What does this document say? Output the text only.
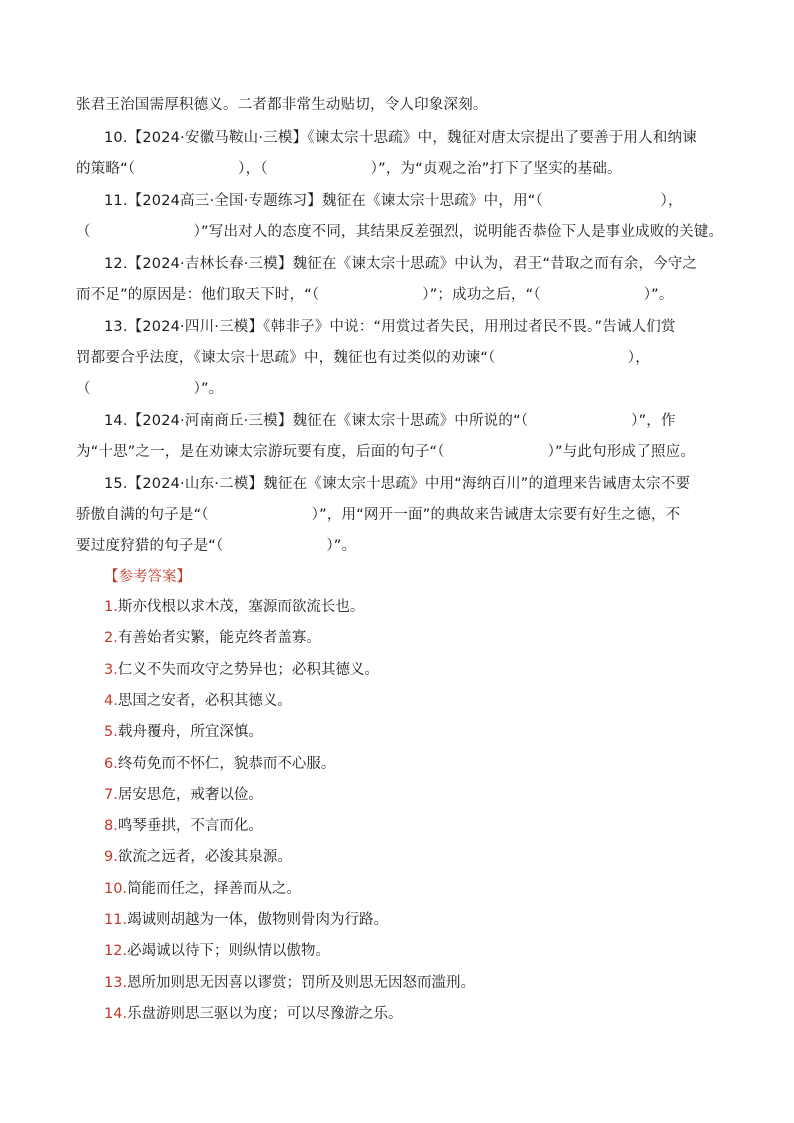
张君王治国需厚积德义。二者都非常生动贴切，令人印象深刻。
10.【2024·安徽马鞍山·三模】《谏太宗十思疏》中，魏征对唐太宗提出了要善于用人和纳谏
的策略“（　　　　　　　），（　　　　　　　）”，为“贞观之治”打下了坚实的基础。
11.【2024高三·全国·专题练习】魏征在《谏太宗十思疏》中，用“（　　　　　　　　），
（　　　　　　　）”写出对人的态度不同，其结果反差强烈，说明能否恭俭下人是事业成败的关键。
12.【2024·吉林长春·三模】魏征在《谏太宗十思疏》中认为，君王“昔取之而有余，今守之
而不足”的原因是：他们取天下时，“（　　　　　　　）”；成功之后，“（　　　　　　　）”。
13.【2024·四川·三模】《韩非子》中说：“用赏过者失民，用刑过者民不畏。”告诫人们赏
罚都要合乎法度，《谏太宗十思疏》中，魏征也有过类似的劝谏“（　　　　　　　　　），
（　　　　　　　）”。
14.【2024·河南商丘·三模】魏征在《谏太宗十思疏》中所说的“（　　　　　　　）”，作
为“十思”之一，是在劝谏太宗游玩要有度，后面的句子“（　　　　　　　）”与此句形成了照应。
15.【2024·山东·二模】魏征在《谏太宗十思疏》中用“海纳百川”的道理来告诫唐太宗不要
骄傲自满的句子是“（　　　　　　　）”，用“网开一面”的典故来告诫唐太宗要有好生之德，不
要过度狩猎的句子是“（　　　　　　　）”。
【参考答案】
1.斯亦伐根以求木茂，塞源而欲流长也。
2.有善始者实繁，能克终者盖寡。
3.仁义不失而攻守之势异也；必积其德义。
4.思国之安者，必积其德义。
5.载舟覆舟，所宜深慎。
6.终苟免而不怀仁，貌恭而不心服。
7.居安思危，戒奢以俭。
8.鸣琴垂拱，不言而化。
9.欲流之远者，必浚其泉源。
10.简能而任之，择善而从之。
11.竭诚则胡越为一体，傲物则骨肉为行路。
12.必竭诚以待下；则纵情以傲物。
13.恩所加则思无因喜以谬赏；罚所及则思无因怒而滥刑。
14.乐盘游则思三驱以为度；可以尽豫游之乐。
